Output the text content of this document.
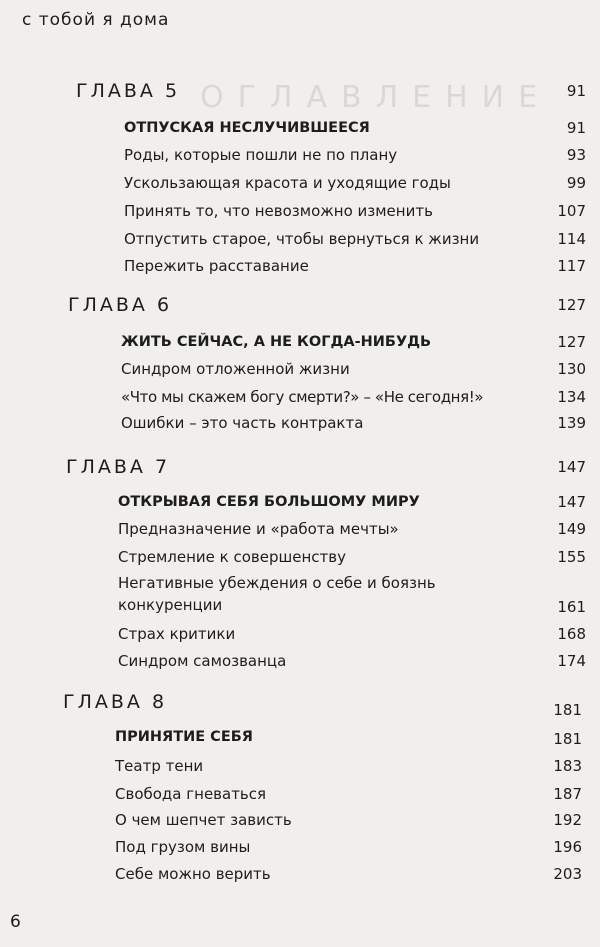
ОГЛАВЛЕНИЕ
с тобой я дома
ГЛАВА 5	91
ОТПУСКАЯ НЕСЛУЧИВШЕЕСЯ	91
Роды, которые пошли не по плану	93
Ускользающая красота и уходящие годы	99
Принять то, что невозможно изменить	107
Отпустить старое, чтобы вернуться к жизни	114
Пережить расставание	117
ГЛАВА 6	127
ЖИТЬ СЕЙЧАС, А НЕ КОГДА-НИБУДЬ	127
Синдром отложенной жизни	130
«Что мы скажем богу смерти?» – «Не сегодня!»	134
Ошибки – это часть контракта	139
ГЛАВА 7	147
ОТКРЫВАЯ СЕБЯ БОЛЬШОМУ МИРУ	147
Предназначение и «работа мечты»	149
Стремление к совершенству	155
Негативные убеждения о себе и боязнь конкуренции	161
Страх критики	168
Синдром самозванца	174
ГЛАВА 8	181
ПРИНЯТИЕ СЕБЯ	181
Театр тени	183
Свобода гневаться	187
О чем шепчет зависть	192
Под грузом вины	196
Себе можно верить	203
6
